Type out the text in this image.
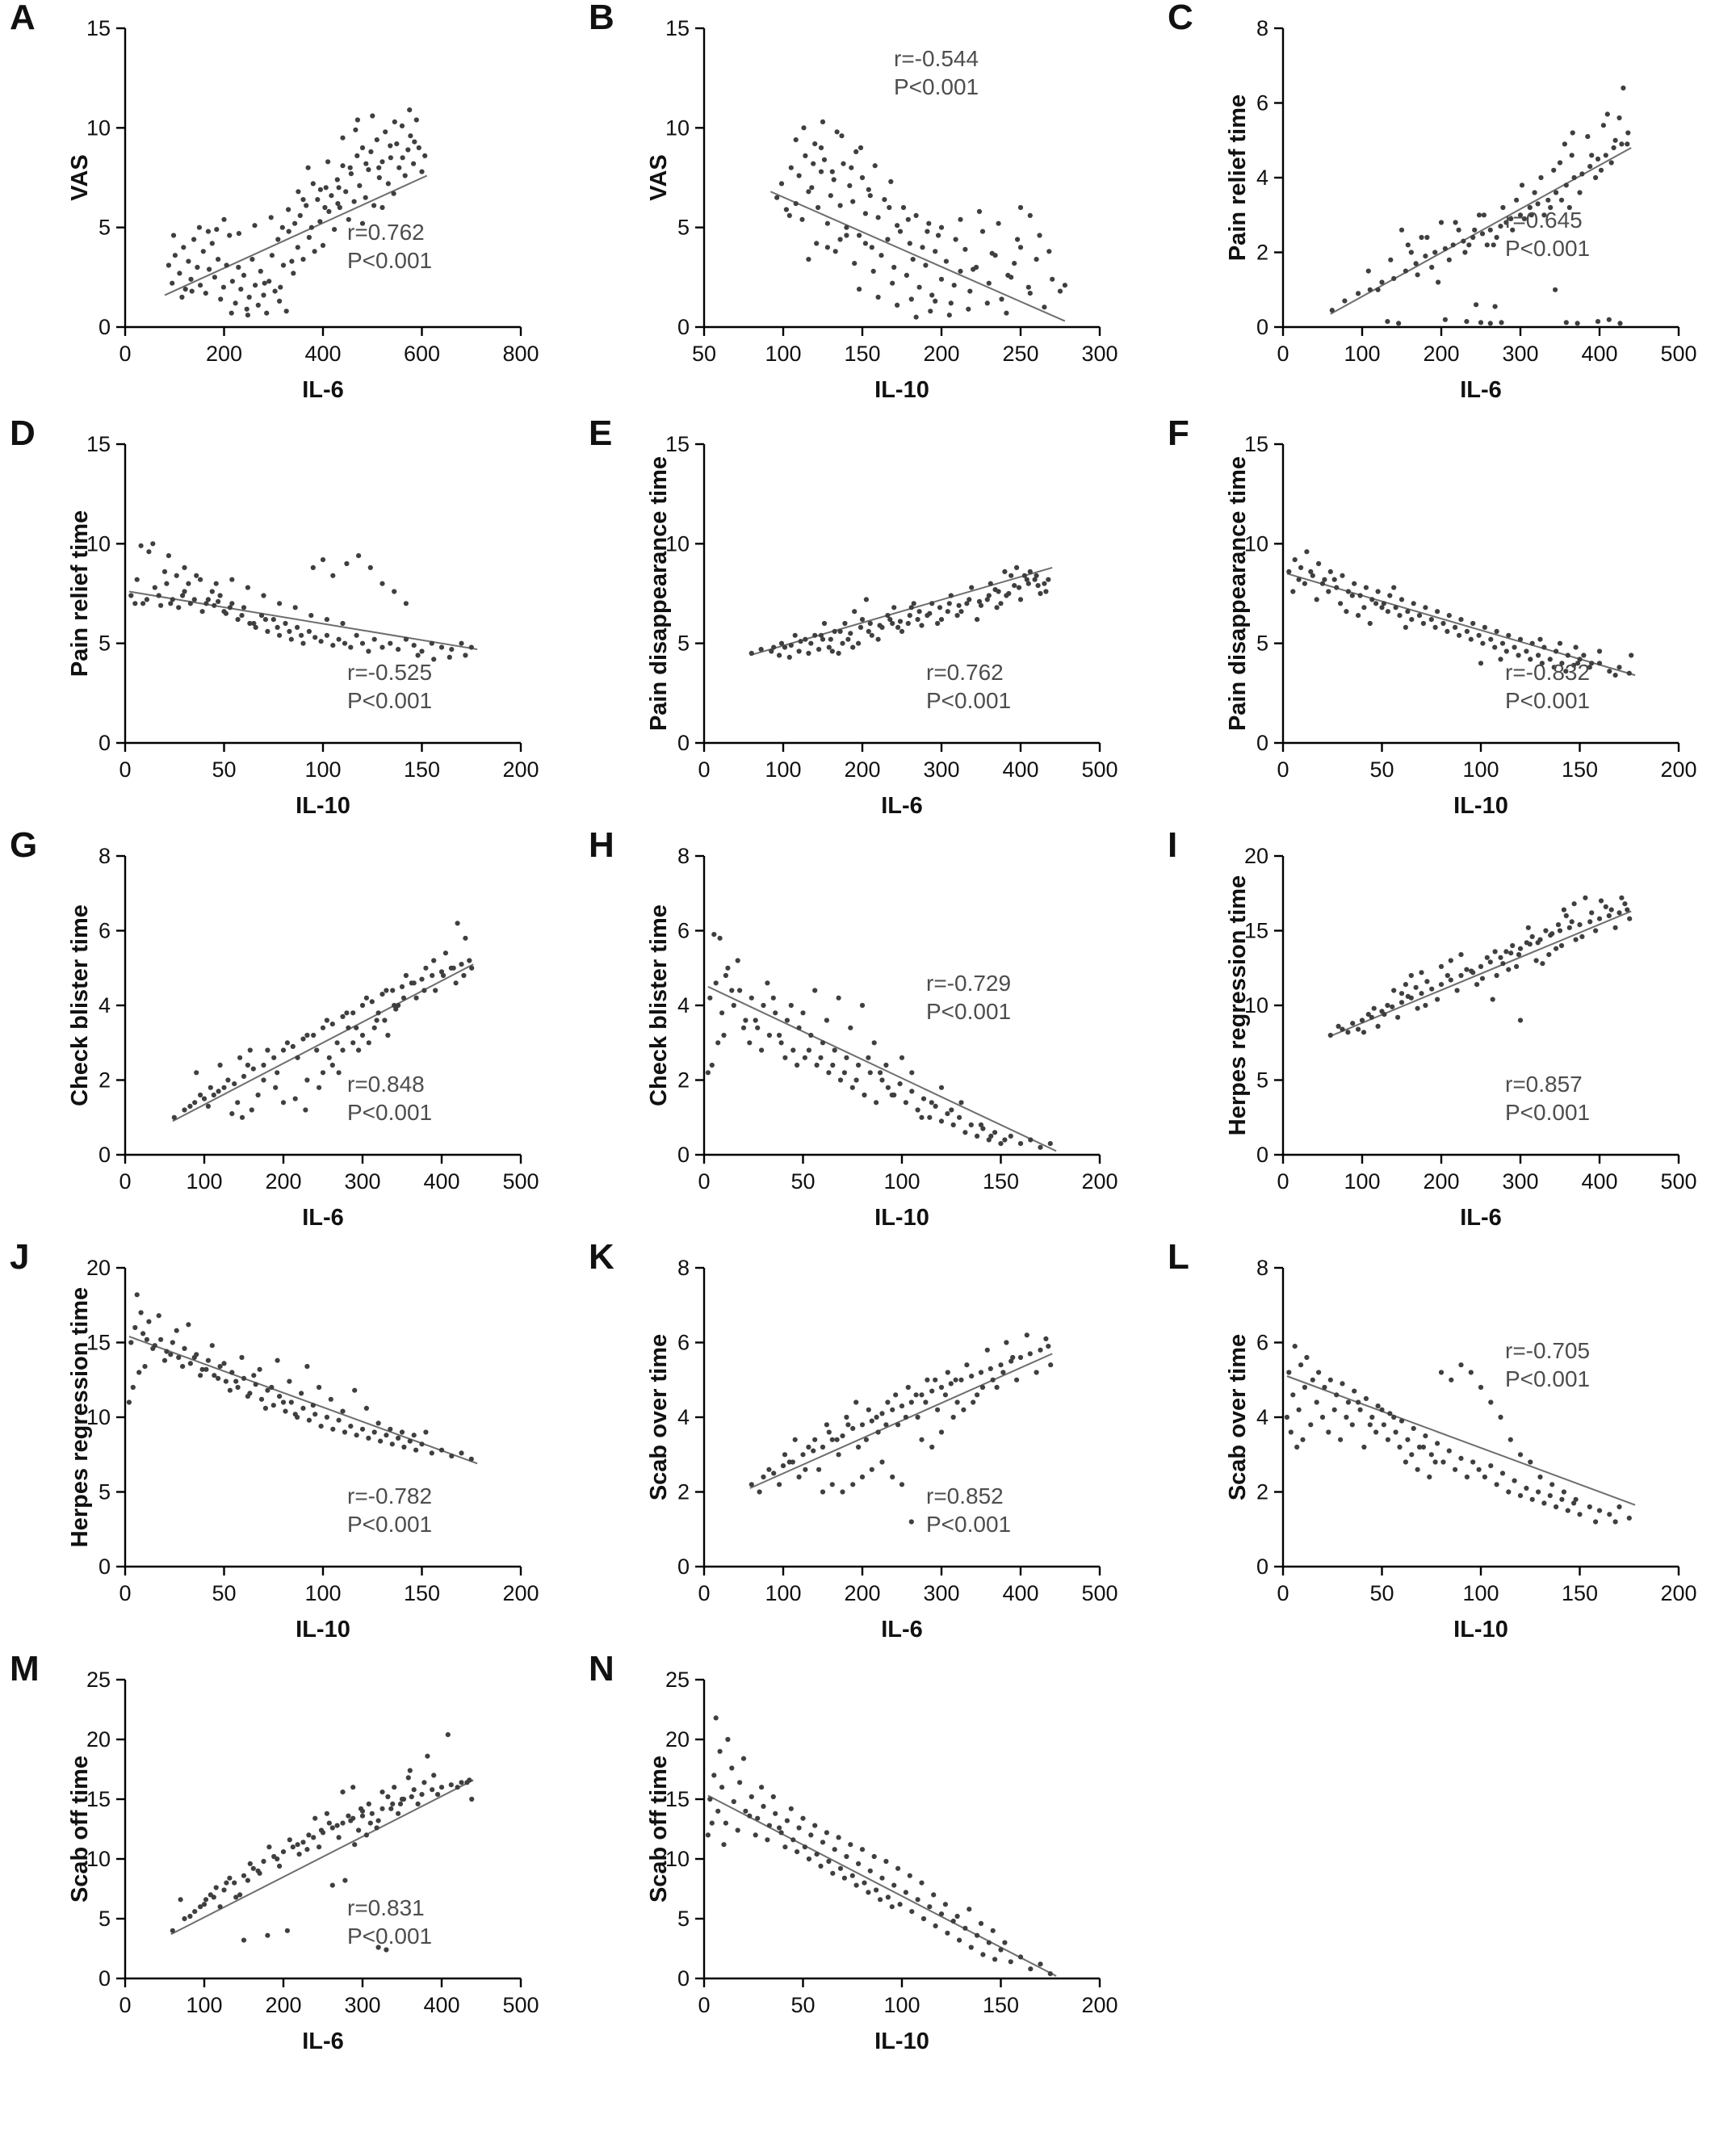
A
0
5
10
15
0	200	400	600	800
VAS
IL-6
r=0.762
P<0.001
B
0
5
10
15
50 100 150 200 250 300
VAS
IL-10
r=-0.544
P<0.001
C
0
2
4
6
8
0	100 200 300 400 500
Pain relief time
IL-6
r=0.645
P<0.001
D
0
5
10
15
0	50	100	150	200
Pain relief time
IL-10
r=-0.525
P<0.001
E
0
5
10
15
0	100 200 300 400 500
Pain disappearance time
IL-6
r=0.762
P<0.001
F
0
5
10
15
0	50	100	150	200
Pain disappearance time
IL-10
r=-0.832
P<0.001
G
0
2
4
6
8
0	100 200 300 400 500
Check blister time
IL-6
r=0.848
P<0.001
H
0
2
4
6
8
0	50	100	150	200
Check blister time
IL-10
r=-0.729
P<0.001
I
0
5
10
15
20
0	100 200 300 400 500
Herpes regression time
IL-6
r=0.857
P<0.001
J
0
5
10
15
20
0	50	100	150	200
Herpes regression time
IL-10
r=-0.782
P<0.001
K
0
2
4
6
8
0	100 200 300 400 500
Scab over time
IL-6
r=0.852
P<0.001
L
0
2
4
6
8
0	50	100	150	200
Scab over time
IL-10
r=-0.705
P<0.001
M
0
5
10
15
20
25
0	100 200 300 400 500
Scab off time
IL-6
r=0.831
P<0.001
N
0
5
10
15
20
25
0	50	100	150	200
Scab off time
IL-10
